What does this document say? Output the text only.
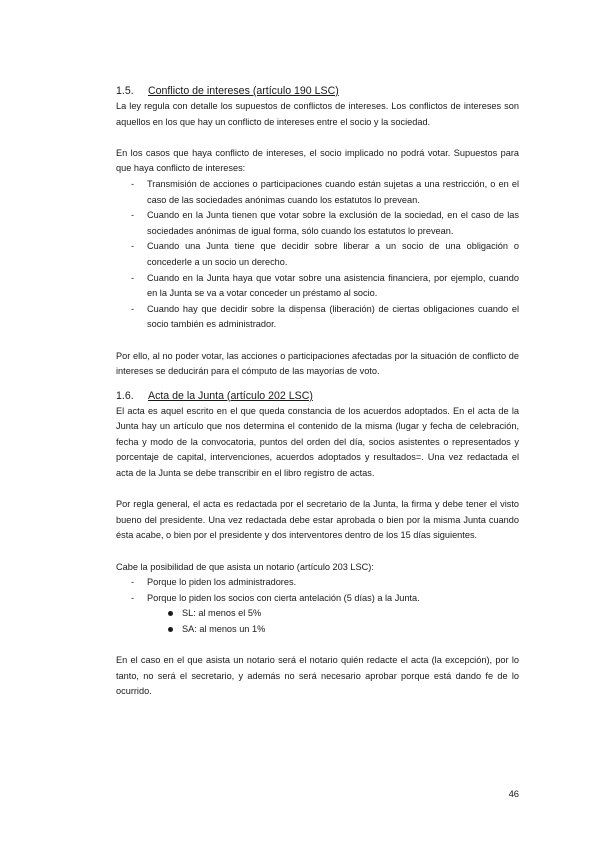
1.5.	Conflicto de intereses (artículo 190 LSC)

La ley regula con detalle los supuestos de conflictos de intereses. Los conflictos de intereses son aquellos en los que hay un conflicto de intereses entre el socio y la sociedad.

En los casos que haya conflicto de intereses, el socio implicado no podrá votar. Supuestos para que haya conflicto de intereses:

- Transmisión de acciones o participaciones cuando están sujetas a una restricción, o en el caso de las sociedades anónimas cuando los estatutos lo prevean.
- Cuando en la Junta tienen que votar sobre la exclusión de la sociedad, en el caso de las sociedades anónimas de igual forma, sólo cuando los estatutos lo prevean.
- Cuando una Junta tiene que decidir sobre liberar a un socio de una obligación o concederle a un socio un derecho.
- Cuando en la Junta haya que votar sobre una asistencia financiera, por ejemplo, cuando en la Junta se va a votar conceder un préstamo al socio.
- Cuando hay que decidir sobre la dispensa (liberación) de ciertas obligaciones cuando el socio también es administrador.

Por ello, al no poder votar, las acciones o participaciones afectadas por la situación de conflicto de intereses se deducirán para el cómputo de las mayorías de voto.

1.6.	Acta de la Junta (artículo 202 LSC)

El acta es aquel escrito en el que queda constancia de los acuerdos adoptados. En el acta de la Junta hay un artículo que nos determina el contenido de la misma (lugar y fecha de celebración, fecha y modo de la convocatoria, puntos del orden del día, socios asistentes o representados y porcentaje de capital, intervenciones, acuerdos adoptados y resultados=. Una vez redactada el acta de la Junta se debe transcribir en el libro registro de actas.

Por regla general, el acta es redactada por el secretario de la Junta, la firma y debe tener el visto bueno del presidente. Una vez redactada debe estar aprobada o bien por la misma Junta cuando ésta acabe, o bien por el presidente y dos interventores dentro de los 15 días siguientes.

Cabe la posibilidad de que asista un notario (artículo 203 LSC):

- Porque lo piden los administradores.
- Porque lo piden los socios con cierta antelación (5 días) a la Junta.
SL: al menos el 5%
SA: al menos un 1%

En el caso en el que asista un notario será el notario quién redacte el acta (la excepción), por lo tanto, no será el secretario, y además no será necesario aprobar porque está dando fe de lo ocurrido.

46
